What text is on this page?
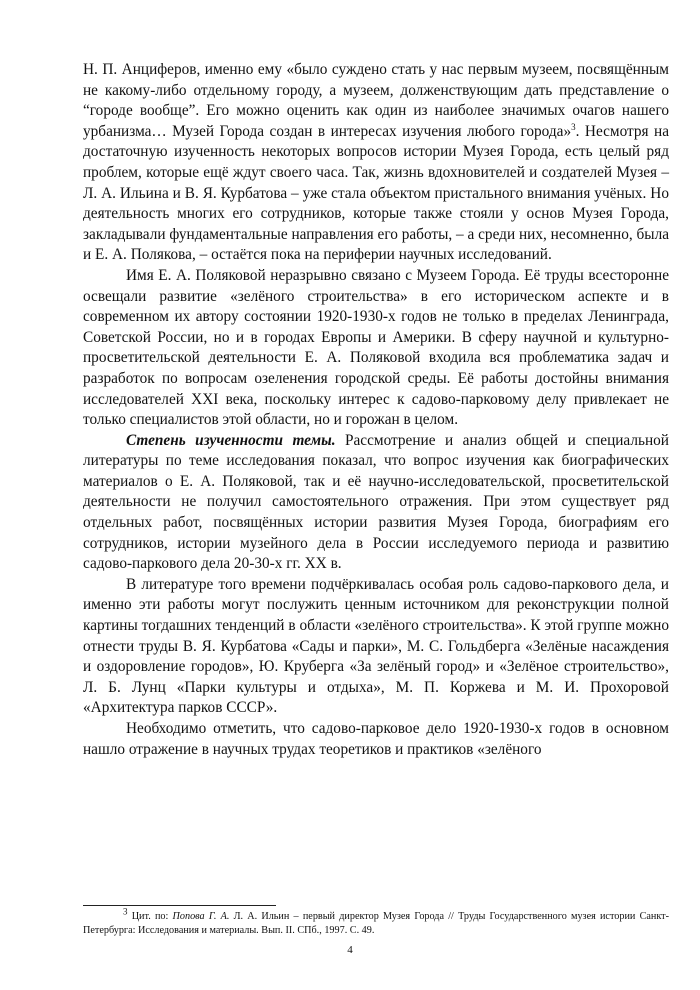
Н. П. Анциферов, именно ему «было суждено стать у нас первым музеем, посвящённым не какому-либо отдельному городу, а музеем, долженствующим дать представление о “городе вообще”. Его можно оценить как один из наиболее значимых очагов нашего урбанизма… Музей Города создан в интересах изучения любого города»$^3$. Несмотря на достаточную изученность некоторых вопросов истории Музея Города, есть целый ряд проблем, которые ещё ждут своего часа. Так, жизнь вдохновителей и создателей Музея – Л. А. Ильина и В. Я. Курбатова – уже стала объектом пристального внимания учёных. Но деятельность многих его сотрудников, которые также стояли у основ Музея Города, закладывали фундаментальные направления его работы, – а среди них, несомненно, была и Е. А. Полякова, – остаётся пока на периферии научных исследований.

Имя Е. А. Поляковой неразрывно связано с Музеем Города. Её труды всесторонне освещали развитие «зелёного строительства» в его историческом аспекте и в современном их автору состоянии 1920-1930-х годов не только в пределах Ленинграда, Советской России, но и в городах Европы и Америки. В сферу научной и культурно-просветительской деятельности Е. А. Поляковой входила вся проблематика задач и разработок по вопросам озеленения городской среды. Её работы достойны внимания исследователей XXI века, поскольку интерес к садово-парковому делу привлекает не только специалистов этой области, но и горожан в целом.

Степень изученности темы. Рассмотрение и анализ общей и специальной литературы по теме исследования показал, что вопрос изучения как биографических материалов о Е. А. Поляковой, так и её научно-исследовательской, просветительской деятельности не получил самостоятельного отражения. При этом существует ряд отдельных работ, посвящённых истории развития Музея Города, биографиям его сотрудников, истории музейного дела в России исследуемого периода и развитию садово-паркового дела 20-30-х гг. XX в.

В литературе того времени подчёркивалась особая роль садово-паркового дела, и именно эти работы могут послужить ценным источником для реконструкции полной картины тогдашних тенденций в области «зелёного строительства». К этой группе можно отнести труды В. Я. Курбатова «Сады и парки», М. С. Гольдберга «Зелёные насаждения и оздоровление городов», Ю. Круберга «За зелёный город» и «Зелёное строительство», Л. Б. Лунц «Парки культуры и отдыха», М. П. Коржева и М. И. Прохоровой «Архитектура парков СССР».

Необходимо отметить, что садово-парковое дело 1920-1930-х годов в основном нашло отражение в научных трудах теоретиков и практиков «зелёного

$^3$ Цит. по: Попова Г. А. Л. А. Ильин – первый директор Музея Города // Труды Государственного музея истории Санкт-Петербурга: Исследования и материалы. Вып. II. СПб., 1997. С. 49.
4
